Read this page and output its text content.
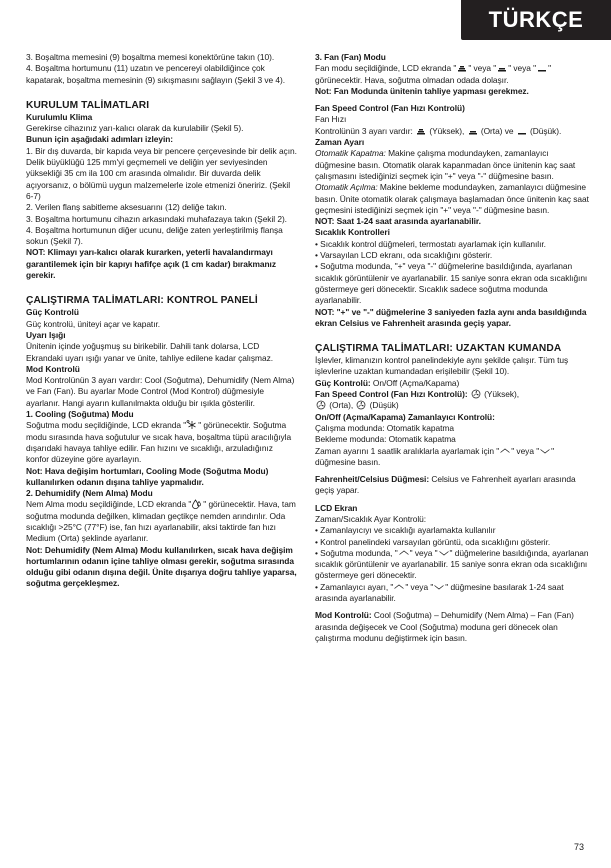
TÜRKÇE

3. Boşaltma memesini (9) boşaltma memesi konektörüne takın (10).

4. Boşaltma hortumunu (11) uzatın ve pencereyi olabildiğince çok kapatarak, boşaltma memesinin (9) sıkışmasını sağlayın (Şekil 3 ve 4).

KURULUM TALİMATLARI

Kurulumlu Klima

Gerekirse cihazınız yarı-kalıcı olarak da kurulabilir (Şekil 5).

Bunun için aşağıdaki adımları izleyin:

1. Bir dış duvarda, bir kapıda veya bir pencere çerçevesinde bir delik açın. Delik büyüklüğü 125 mm'yi geçmemeli ve deliğin yer seviyesinden yüksekliği 35 cm ila 100 cm arasında olmalıdır. Bir duvarda delik açıyorsanız, o bölümü uygun malzemelerle izole etmenizi öneririz. (Şekil 6-7)

2. Verilen flanş sabitleme aksesuarını (12) deliğe takın.

3. Boşaltma hortumunu cihazın arkasındaki muhafazaya takın (Şekil 2).

4. Boşaltma hortumunun diğer ucunu, deliğe zaten yerleştirilmiş flanşa sokun (Şekil 7).

NOT: Klimayı yarı-kalıcı olarak kurarken, yeterli havalandırmayı garantilemek için bir kapıyı hafifçe açık (1 cm kadar) bırakmanız gerekir.

ÇALIŞTIRMA TALİMATLARI: KONTROL PANELİ

Güç Kontrolü

Güç kontrolü, üniteyi açar ve kapatır.

Uyarı Işığı

Ünitenin içinde yoğuşmuş su birikebilir. Dahili tank dolarsa, LCD Ekrandaki uyarı ışığı yanar ve ünite, tahliye edilene kadar çalışmaz.

Mod Kontrolü

Mod Kontrolünün 3 ayarı vardır: Cool (Soğutma), Dehumidify (Nem Alma) ve Fan (Fan). Bu ayarlar Mode Control (Mod Kontrol) düğmesiyle ayarlanır. Hangi ayarın kullanılmakta olduğu bir ışıkla gösterilir.

1. Cooling (Soğutma) Modu

Soğutma modu seçildiğinde, LCD ekranda " " görünecektir. Soğutma modu sırasında hava soğutulur ve sıcak hava, boşaltma tüpü aracılığıyla dışarıdaki havaya tahliye edilir. Fan hızını ve sıcaklığı, arzuladığınız konfor düzeyine göre ayarlayın.

Not: Hava değişim hortumları, Cooling Mode (Soğutma Modu) kullanılırken odanın dışına tahliye yapmalıdır.

2. Dehumidify (Nem Alma) Modu

Nem Alma modu seçildiğinde, LCD ekranda " " görünecektir. Hava, tam soğutma modunda değilken, klimadan geçtikçe nemden arındırılır. Oda sıcaklığı >25°C (77°F) ise, fan hızı ayarlanabilir, aksi taktirde fan hızı Medium (Orta) şeklinde ayarlanır.

Not: Dehumidify (Nem Alma) Modu kullanılırken, sıcak hava değişim hortumlarının odanın içine tahliye olması gerekir, soğutma sırasında olduğu gibi odanın dışına değil. Ünite dışarıya doğru tahliye yaparsa, soğutma gerçekleşmez.

3. Fan (Fan) Modu

Fan modu seçildiğinde, LCD ekranda " " veya " " veya " " görünecektir. Hava, soğutma olmadan odada dolaşır.

Not: Fan Modunda ünitenin tahliye yapması gerekmez.

Fan Speed Control (Fan Hızı Kontrolü)

Fan Hızı

Kontrolünün 3 ayarı vardır:
(Yüksek),
(Orta) ve
(Düşük).

Zaman Ayarı

Otomatik Kapatma: Makine çalışma modundayken, zamanlayıcı düğmesine basın. Otomatik olarak kapanmadan önce ünitenin kaç saat çalışmasını istediğinizi seçmek için "+" veya "-" düğmesine basın.

Otomatik Açılma: Makine bekleme modundayken, zamanlayıcı düğmesine basın. Ünite otomatik olarak çalışmaya başlamadan önce ünitenin kaç saat geçmesini istediğinizi seçmek için "+" veya "-" düğmesine basın.

NOT: Saat 1-24 saat arasında ayarlanabilir.

Sıcaklık Kontrolleri

• Sıcaklık kontrol düğmeleri, termostatı ayarlamak için kullanılır.

• Varsayılan LCD ekranı, oda sıcaklığını gösterir.

• Soğutma modunda, "+" veya "-" düğmelerine basıldığında, ayarlanan sıcaklık görüntülenir ve ayarlanabilir. 15 saniye sonra ekran oda sıcaklığını göstermeye geri dönecektir. Sıcaklık sadece soğutma modunda ayarlanabilir.

NOT: "+" ve "-" düğmelerine 3 saniyeden fazla aynı anda basıldığında ekran Celsius ve Fahrenheit arasında geçiş yapar.

ÇALIŞTIRMA TALİMATLARI: UZAKTAN KUMANDA

İşlevler, klimanızın kontrol panelindekiyle aynı şekilde çalışır. Tüm tuş işlevlerine uzaktan kumandadan erişilebilir (Şekil 10).

Güç Kontrolü: On/Off (Açma/Kapama)

Fan Speed Control (Fan Hızı Kontrolü):
(Yüksek),

(Orta),
(Düşük)

On/Off (Açma/Kapama) Zamanlayıcı Kontrolü:

Çalışma modunda: Otomatik kapatma

Bekleme modunda: Otomatik kapatma

Zaman ayarını 1 saatlik aralıklarla ayarlamak için " " veya " " düğmesine basın.

Fahrenheit/Celsius Düğmesi: Celsius ve Fahrenheit ayarları arasında geçiş yapar.

LCD Ekran

Zaman/Sıcaklık Ayar Kontrolü:

• Zamanlayıcıyı ve sıcaklığı ayarlamakta kullanılır

• Kontrol panelindeki varsayılan görüntü, oda sıcaklığını gösterir.

• Soğutma modunda, " " veya " " düğmelerine basıldığında, ayarlanan sıcaklık görüntülenir ve ayarlanabilir. 15 saniye sonra ekran oda sıcaklığını göstermeye geri dönecektir.

• Zamanlayıcı ayarı, " " veya " " düğmesine basılarak 1-24 saat arasında ayarlanabilir.

Mod Kontrolü: Cool (Soğutma) – Dehumidify (Nem Alma) – Fan (Fan) arasında değişecek ve Cool (Soğutma) moduna geri dönecek olan çalıştırma modunu değiştirmek için basın.

73
